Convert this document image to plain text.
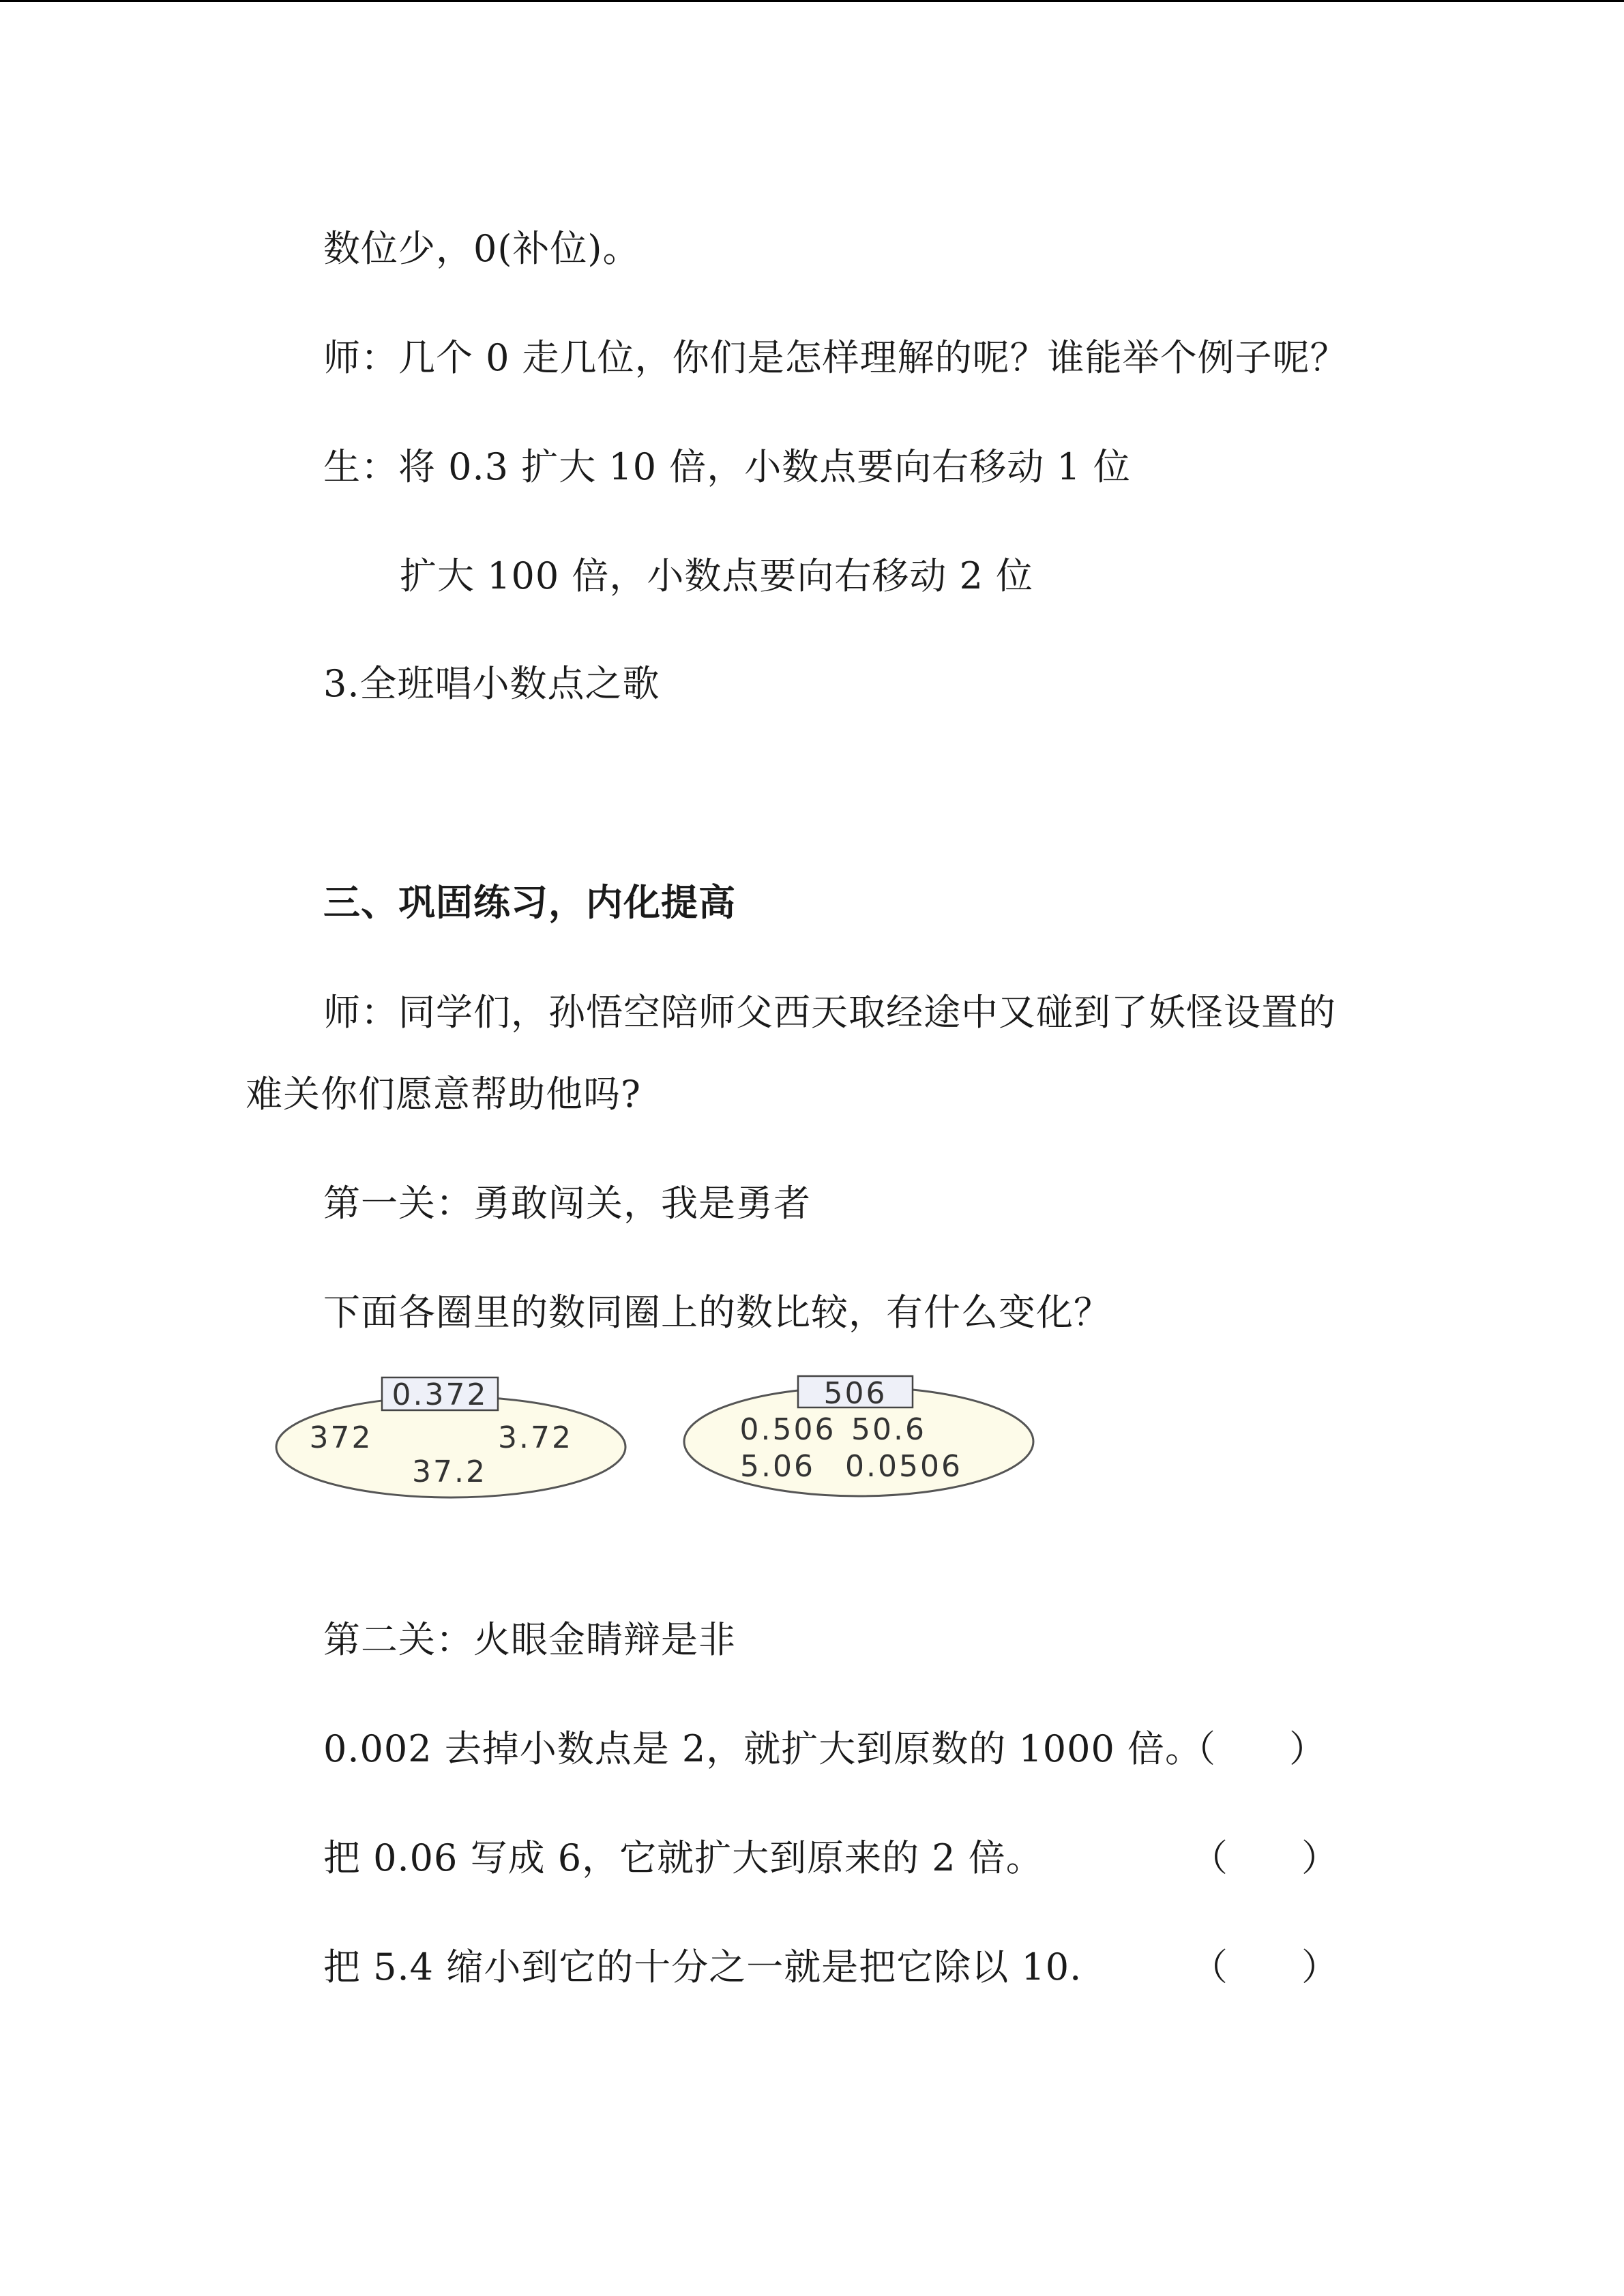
数位少，0(补位)。
师：几个 0 走几位，你们是怎样理解的呢？谁能举个例子呢？
生：将 0.3 扩大 10 倍，小数点要向右移动 1 位
扩大 100 倍，小数点要向右移动 2 位
3.全班唱小数点之歌
三、巩固练习，内化提高
师：同学们，孙悟空陪师父西天取经途中又碰到了妖怪设置的
难关你们愿意帮助他吗?
第一关：勇敢闯关，我是勇者
下面各圈里的数同圈上的数比较，有什么变化？
0.372
372	3.72
37.2
506
0.506 50.6
5.06 0.0506
第二关：火眼金睛辩是非
0.002 去掉小数点是 2，就扩大到原数的 1000 倍。
（　　）
把 0.06 写成 6，它就扩大到原来的 2 倍。	（　　）
把 5.4 缩小到它的十分之一就是把它除以 10.	（　　）
